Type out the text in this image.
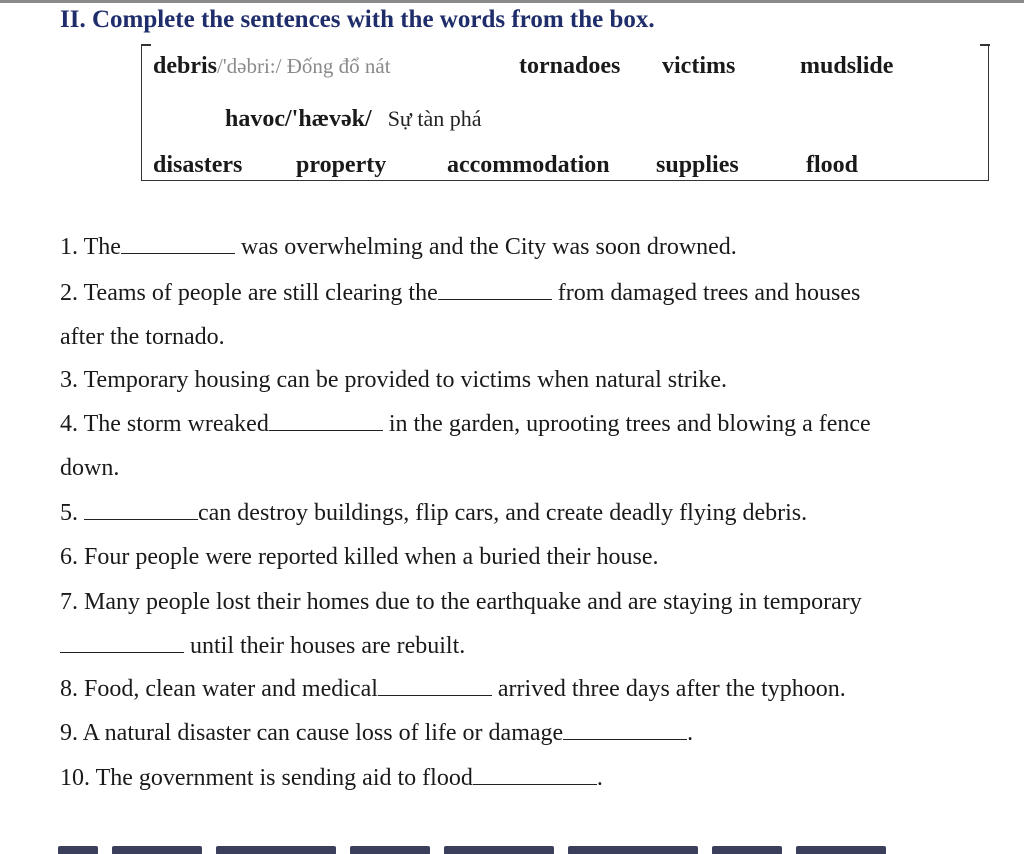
II. Complete the sentences with the words from the box.
debris/'dəbri:/ Đống đổ nát	tornadoes victims	mudslide
havoc/'hævək/ Sự tàn phá
disasters property	accommodation supplies	flood
1. The	was overwhelming and the City was soon drowned.
2. Teams of people are still clearing the	from damaged trees and houses
after the tornado.
3. Temporary housing can be provided to victims when natural strike.
4. The storm wreaked	in the garden, uprooting trees and blowing a fence
down.
5.	can destroy buildings, flip cars, and create deadly flying debris.
6. Four people were reported killed when a buried their house.
7. Many people lost their homes due to the earthquake and are staying in temporary
until their houses are rebuilt.
8. Food, clean water and medical	arrived three days after the typhoon.
9. A natural disaster can cause loss of life or damage	.
10. The government is sending aid to flood	.
